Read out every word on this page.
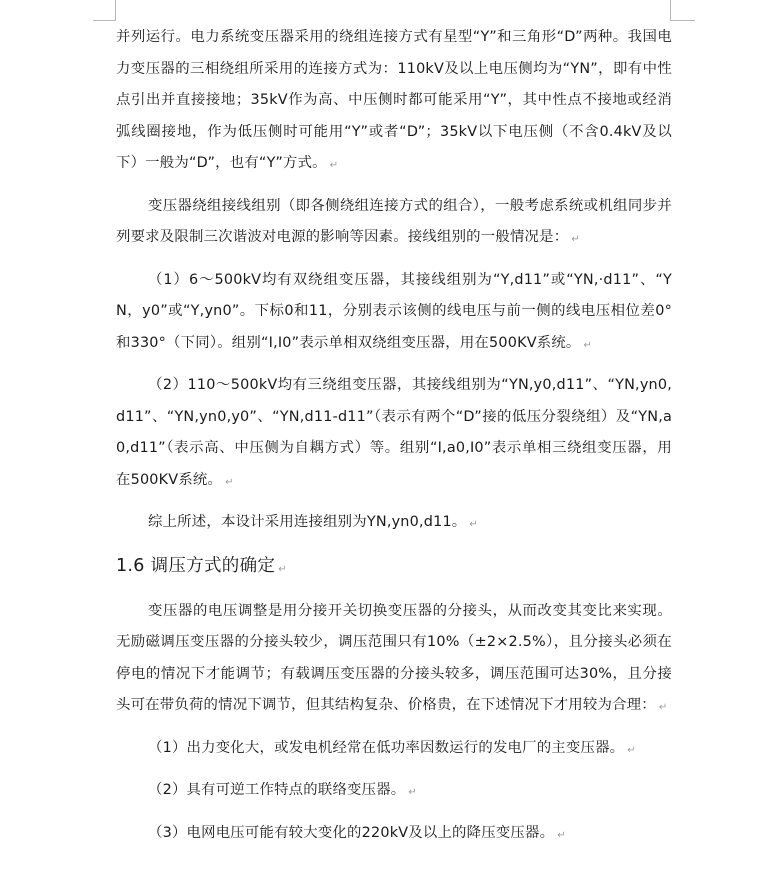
并列运行。电力系统变压器采用的绕组连接方式有星型“Y”和三角形“D”两种。我国电力变压器的三相绕组所采用的连接方式为：110kV及以上电压侧均为“YN”，即有中性点引出并直接接地；35kV作为高、中压侧时都可能采用“Y”，其中性点不接地或经消弧线圈接地，作为低压侧时可能用“Y”或者“D”；35kV以下电压侧（不含0.4kV及以下）一般为“D”，也有“Y”方式。 ↵

变压器绕组接线组别（即各侧绕组连接方式的组合），一般考虑系统或机组同步并列要求及限制三次谐波对电源的影响等因素。接线组别的一般情况是： ↵

（1）6～500kV均有双绕组变压器，其接线组别为“Y,d11”或“YN,·d11”、“YN，y0”或“Y,yn0”。下标0和11，分别表示该侧的线电压与前一侧的线电压相位差0°和330°（下同）。组别“I,I0”表示单相双绕组变压器，用在500KV系统。 ↵

（2）110～500kV均有三绕组变压器，其接线组别为“YN,y0,d11”、“YN,yn0,d11”、“YN,yn0,y0”、“YN,d11-d11”（表示有两个“D”接的低压分裂绕组）及“YN,a0,d11”（表示高、中压侧为自耦方式）等。组别“I,a0,I0”表示单相三绕组变压器，用在500KV系统。 ↵

综上所述，本设计采用连接组别为YN,yn0,d11。 ↵

1.6 调压方式的确定 ↵

变压器的电压调整是用分接开关切换变压器的分接头，从而改变其变比来实现。无励磁调压变压器的分接头较少，调压范围只有10%（±2×2.5%），且分接头必须在停电的情况下才能调节；有载调压变压器的分接头较多，调压范围可达30%，且分接头可在带负荷的情况下调节，但其结构复杂、价格贵，在下述情况下才用较为合理： ↵

（1）出力变化大，或发电机经常在低功率因数运行的发电厂的主变压器。 ↵

（2）具有可逆工作特点的联络变压器。 ↵

（3）电网电压可能有较大变化的220kV及以上的降压变压器。 ↵
